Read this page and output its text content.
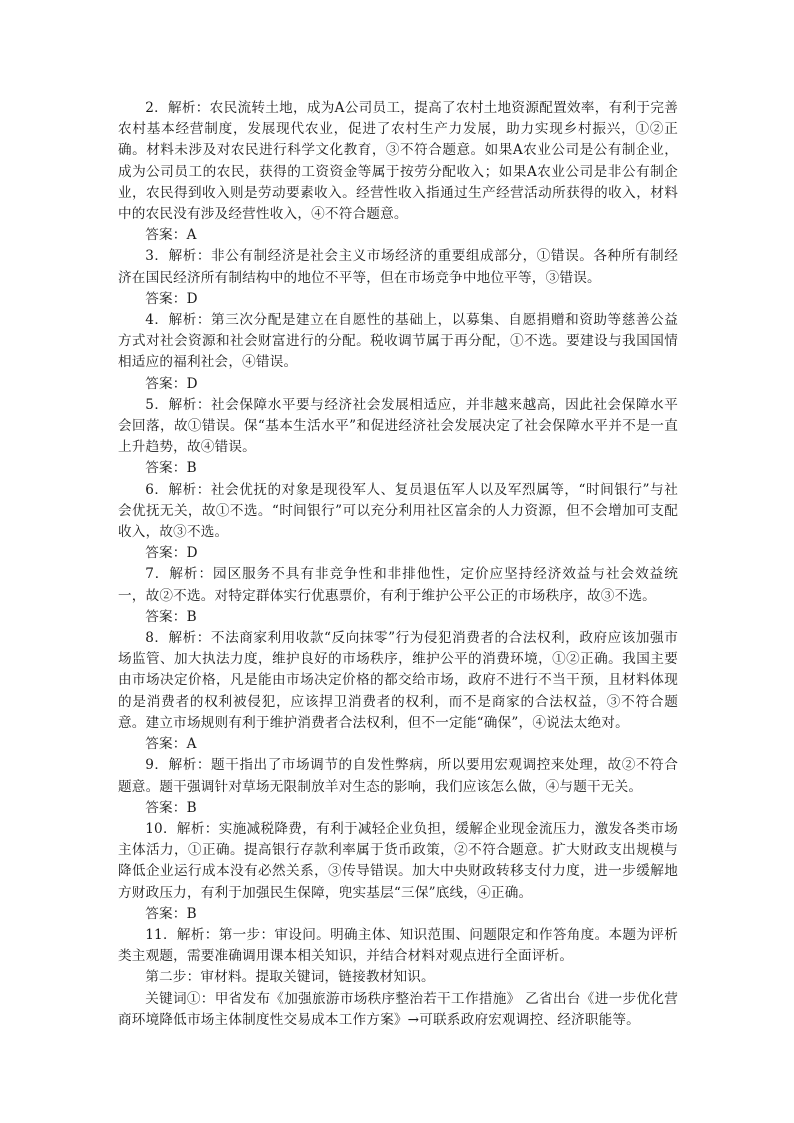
2．解析：农民流转土地，成为A公司员工，提高了农村土地资源配置效率，有利于完善农村基本经营制度，发展现代农业，促进了农村生产力发展，助力实现乡村振兴，①②正确。材料未涉及对农民进行科学文化教育，③不符合题意。如果A农业公司是公有制企业，成为公司员工的农民，获得的工资资金等属于按劳分配收入；如果A农业公司是非公有制企业，农民得到收入则是劳动要素收入。经营性收入指通过生产经营活动所获得的收入，材料中的农民没有涉及经营性收入，④不符合题意。

答案：A

3．解析：非公有制经济是社会主义市场经济的重要组成部分，①错误。各种所有制经济在国民经济所有制结构中的地位不平等，但在市场竞争中地位平等，③错误。

答案：D

4．解析：第三次分配是建立在自愿性的基础上，以募集、自愿捐赠和资助等慈善公益方式对社会资源和社会财富进行的分配。税收调节属于再分配，①不选。要建设与我国国情相适应的福利社会，④错误。

答案：D

5．解析：社会保障水平要与经济社会发展相适应，并非越来越高，因此社会保障水平会回落，故①错误。保“基本生活水平”和促进经济社会发展决定了社会保障水平并不是一直上升趋势，故④错误。

答案：B

6．解析：社会优抚的对象是现役军人、复员退伍军人以及军烈属等，“时间银行”与社会优抚无关，故①不选。“时间银行”可以充分利用社区富余的人力资源，但不会增加可支配收入，故③不选。

答案：D

7．解析：园区服务不具有非竞争性和非排他性，定价应坚持经济效益与社会效益统一，故②不选。对特定群体实行优惠票价，有利于维护公平公正的市场秩序，故③不选。

答案：B

8．解析：不法商家利用收款“反向抹零”行为侵犯消费者的合法权利，政府应该加强市场监管、加大执法力度，维护良好的市场秩序，维护公平的消费环境，①②正确。我国主要由市场决定价格，凡是能由市场决定价格的都交给市场，政府不进行不当干预，且材料体现的是消费者的权利被侵犯，应该捍卫消费者的权利，而不是商家的合法权益，③不符合题意。建立市场规则有利于维护消费者合法权利，但不一定能“确保”，④说法太绝对。

答案：A

9．解析：题干指出了市场调节的自发性弊病，所以要用宏观调控来处理，故②不符合题意。题干强调针对草场无限制放羊对生态的影响，我们应该怎么做，④与题干无关。

答案：B

10．解析：实施减税降费，有利于减轻企业负担，缓解企业现金流压力，激发各类市场主体活力，①正确。提高银行存款利率属于货币政策，②不符合题意。扩大财政支出规模与降低企业运行成本没有必然关系，③传导错误。加大中央财政转移支付力度，进一步缓解地方财政压力，有利于加强民生保障，兜实基层“三保”底线，④正确。

答案：B

11．解析：第一步：审设问。明确主体、知识范围、问题限定和作答角度。本题为评析类主观题，需要准确调用课本相关知识，并结合材料对观点进行全面评析。

第二步：审材料。提取关键词，链接教材知识。

关键词①：甲省发布《加强旅游市场秩序整治若干工作措施》 乙省出台《进一步优化营商环境降低市场主体制度性交易成本工作方案》→可联系政府宏观调控、经济职能等。
